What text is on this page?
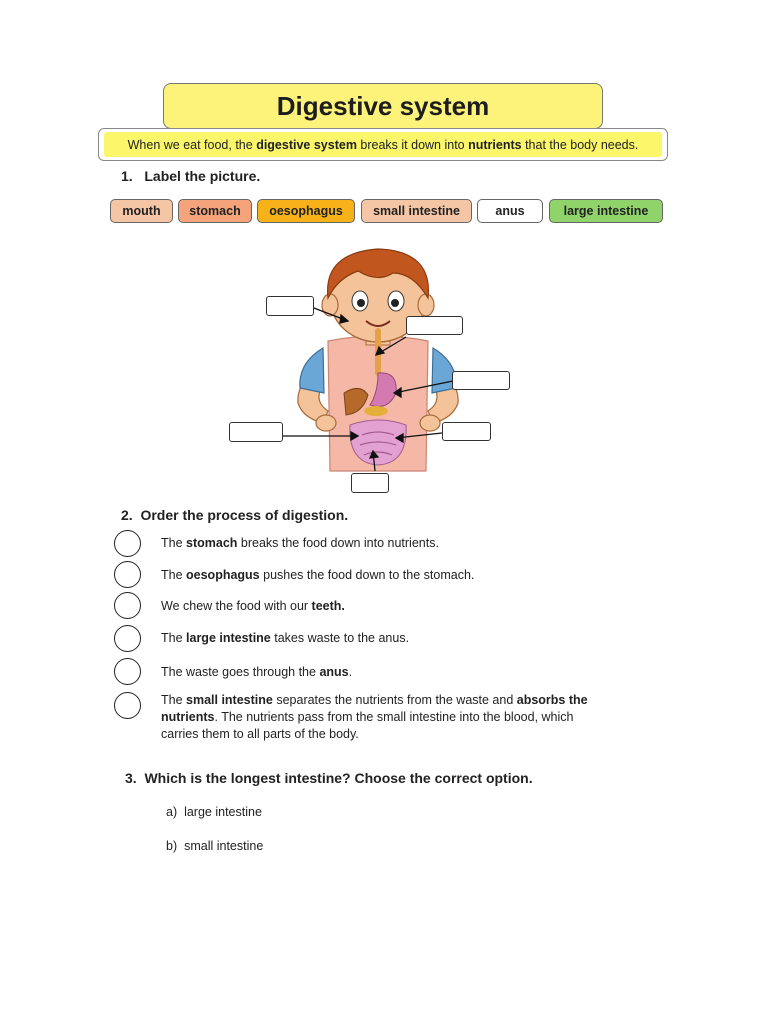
Digestive system
When we eat food, the digestive system breaks it down into nutrients that the body needs.
1. Label the picture.
mouth stomach oesophagus small intestine	anus	large intestine
2. Order the process of digestion.
The stomach breaks the food down into nutrients.
The oesophagus pushes the food down to the stomach.
We chew the food with our teeth.
The large intestine takes waste to the anus.
The waste goes through the anus.
The small intestine separates the nutrients from the waste and absorbs the
nutrients. The nutrients pass from the small intestine into the blood, which
carries them to all parts of the body.
3. Which is the longest intestine? Choose the correct option.
a) large intestine
b) small intestine
